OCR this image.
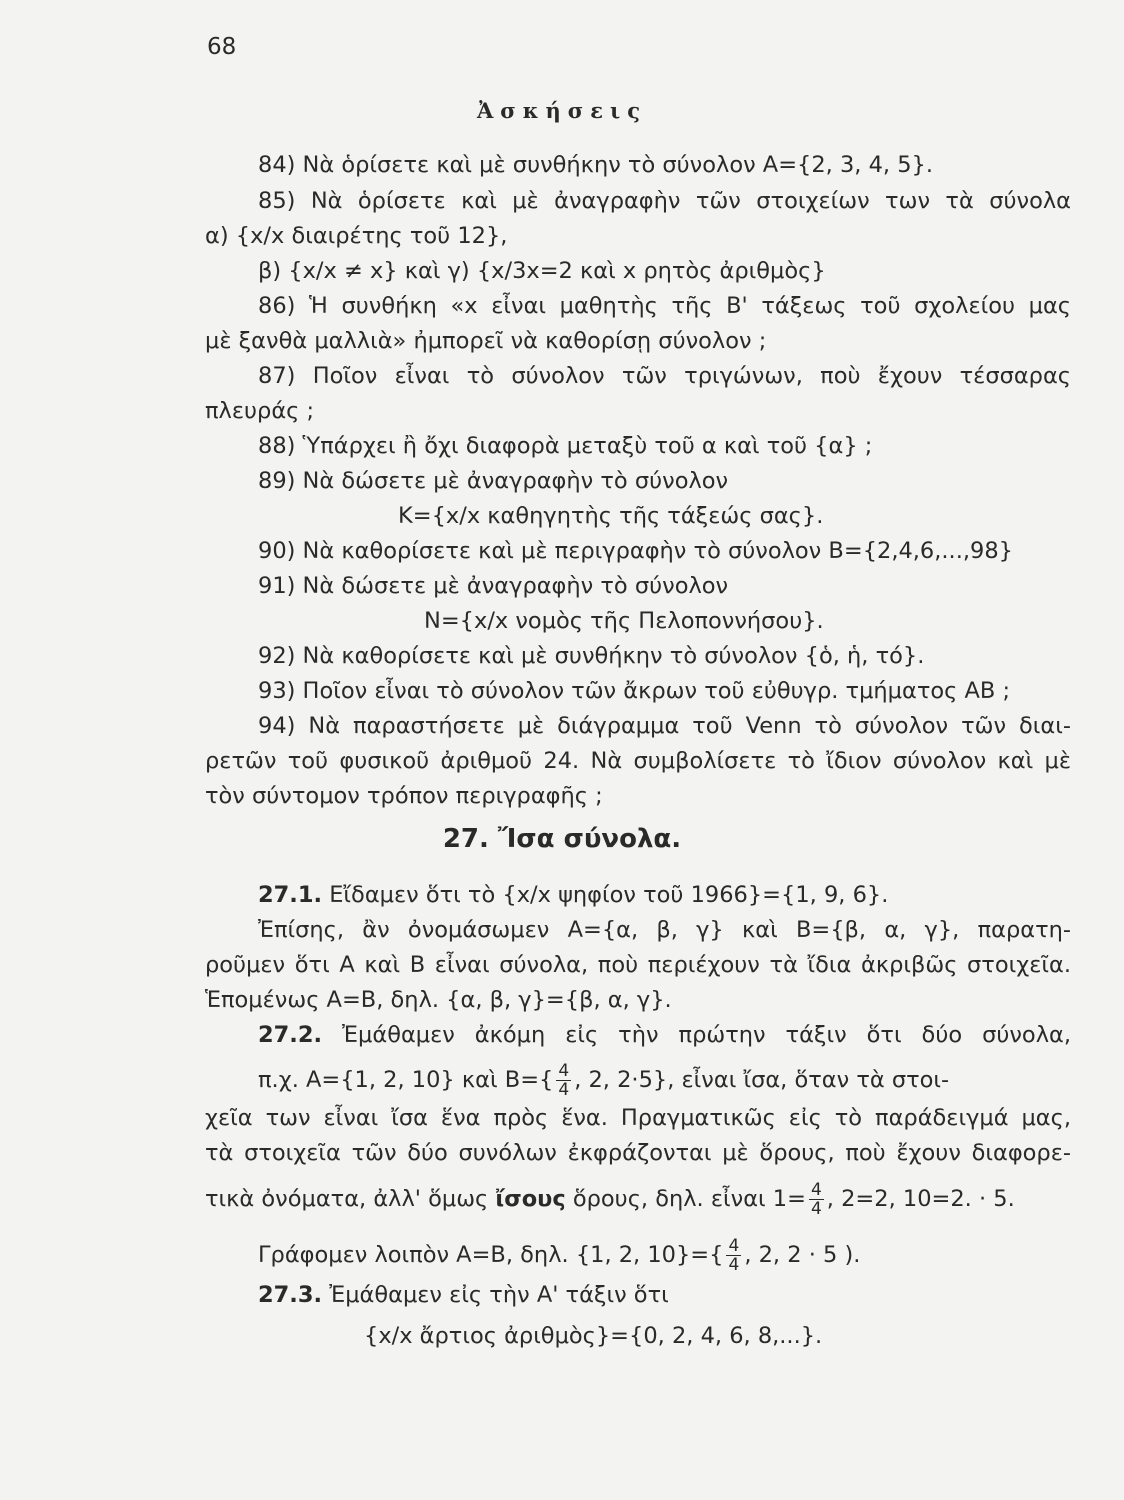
68
Ἀσκήσεις
84) Νὰ ὁρίσετε καὶ μὲ συνθήκην τὸ σύνολον Α={2, 3, 4, 5}.
85) Νὰ ὁρίσετε καὶ μὲ ἀναγραφὴν τῶν στοιχείων των τὰ σύνολα
α) {x/x διαιρέτης τοῦ 12},
β) {x/x ≠ x} καὶ γ) {x/3x=2 καὶ x ρητὸς ἀριθμὸς}
86) Ἡ συνθήκη «x εἶναι μαθητὴς τῆς Β' τάξεως τοῦ σχολείου μας
μὲ ξανθὰ μαλλιὰ» ἠμπορεῖ νὰ καθορίσῃ σύνολον ;
87) Ποῖον εἶναι τὸ σύνολον τῶν τριγώνων, ποὺ ἔχουν τέσσαρας
πλευράς ;
88) Ὑπάρχει ἢ ὄχι διαφορὰ μεταξὺ τοῦ α καὶ τοῦ {α} ;
89) Νὰ δώσετε μὲ ἀναγραφὴν τὸ σύνολον
Κ={x/x καθηγητὴς τῆς τάξεώς σας}.
90) Νὰ καθορίσετε καὶ μὲ περιγραφὴν τὸ σύνολον Β={2,4,6,...,98}
91) Νὰ δώσετε μὲ ἀναγραφὴν τὸ σύνολον
Ν={x/x νομὸς τῆς Πελοποννήσου}.
92) Νὰ καθορίσετε καὶ μὲ συνθήκην τὸ σύνολον {ὁ, ἡ, τό}.
93) Ποῖον εἶναι τὸ σύνολον τῶν ἄκρων τοῦ εὐθυγρ. τμήματος ΑΒ ;
94) Νὰ παραστήσετε μὲ διάγραμμα τοῦ Venn τὸ σύνολον τῶν διαι-
ρετῶν τοῦ φυσικοῦ ἀριθμοῦ 24. Νὰ συμβολίσετε τὸ ἴδιον σύνολον καὶ μὲ
τὸν σύντομον τρόπον περιγραφῆς ;
27. Ἴσα σύνολα.
27.1. Εἴδαμεν ὅτι τὸ {x/x ψηφίον τοῦ 1966}={1, 9, 6}.
Ἐπίσης, ἂν ὀνομάσωμεν Α={α, β, γ} καὶ Β={β, α, γ}, παρατη-
ροῦμεν ὅτι Α καὶ Β εἶναι σύνολα, ποὺ περιέχουν τὰ ἴδια ἀκριβῶς στοιχεῖα.
Ἑπομένως Α=Β, δηλ. {α, β, γ}={β, α, γ}.
27.2. Ἐμάθαμεν ἀκόμη εἰς τὴν πρώτην τάξιν ὅτι δύο σύνολα,
π.χ. Α={1, 2, 10} καὶ $B=\{ \frac{4}{4}$ , 2, 2·5}, εἶναι ἴσα, ὅταν τὰ στοι-
χεῖα των εἶναι ἴσα ἕνα πρὸς ἕνα. Πραγματικῶς εἰς τὸ παράδειγμά μας,
τὰ στοιχεῖα τῶν δύο συνόλων ἐκφράζονται μὲ ὅρους, ποὺ ἔχουν διαφορε-
τικὰ ὀνόματα, ἀλλ' ὅμως ἴσους ὅρους, δηλ. εἶναι $1= \frac{4}{4}$ , 2=2, 10=2. · 5.
Γράφομεν λοιπὸν Α=Β, δηλ. {1, 2, $10\}=\{ \frac{4}{4}$ , 2, 2 · 5 ).
27.3. Ἐμάθαμεν εἰς τὴν Α' τάξιν ὅτι
{x/x ἄρτιος ἀριθμὸς}={0, 2, 4, 6, 8,...}.
